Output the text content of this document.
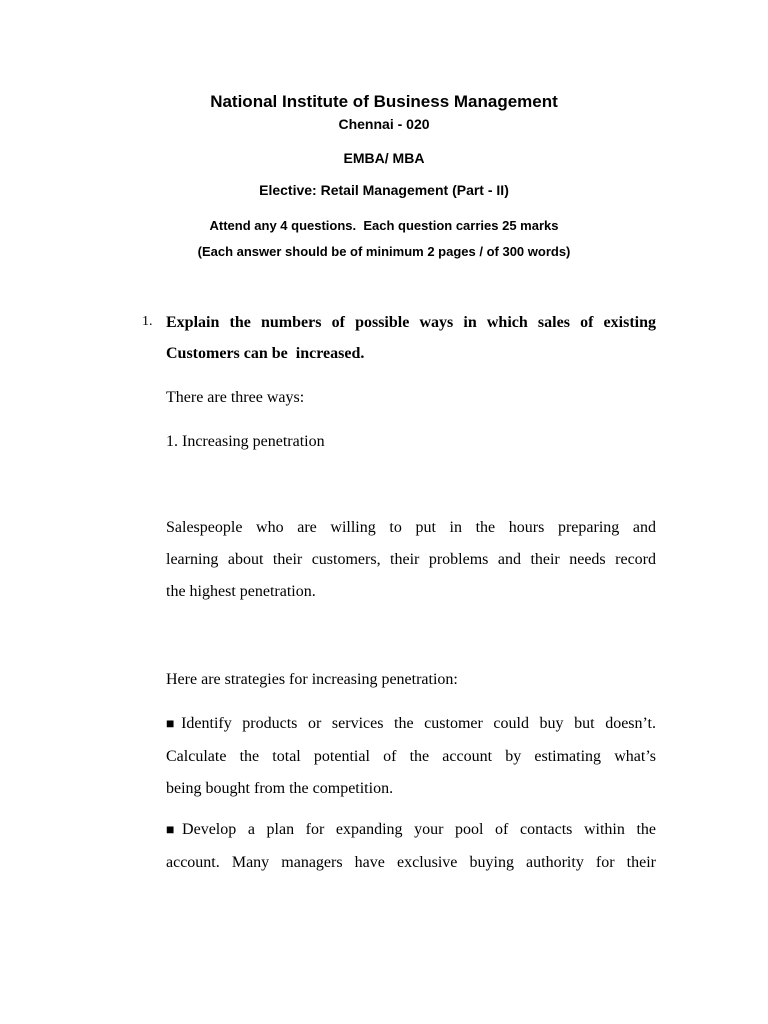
National Institute of Business Management
Chennai - 020
EMBA/ MBA
Elective: Retail Management (Part - II)
Attend any 4 questions.  Each question carries 25 marks
(Each answer should be of minimum 2 pages / of 300 words)
1. Explain the numbers of possible ways in which sales of existing
Customers can be  increased.
There are three ways:
1. Increasing penetration
Salespeople who are willing to put in the hours preparing and
learning about their customers, their problems and their needs record
the highest penetration.
Here are strategies for increasing penetration:
■Identify products or services the customer could buy but doesn’t.
Calculate the total potential of the account by estimating what’s
being bought from the competition.
■Develop a plan for expanding your pool of contacts within the
account. Many managers have exclusive buying authority for their
